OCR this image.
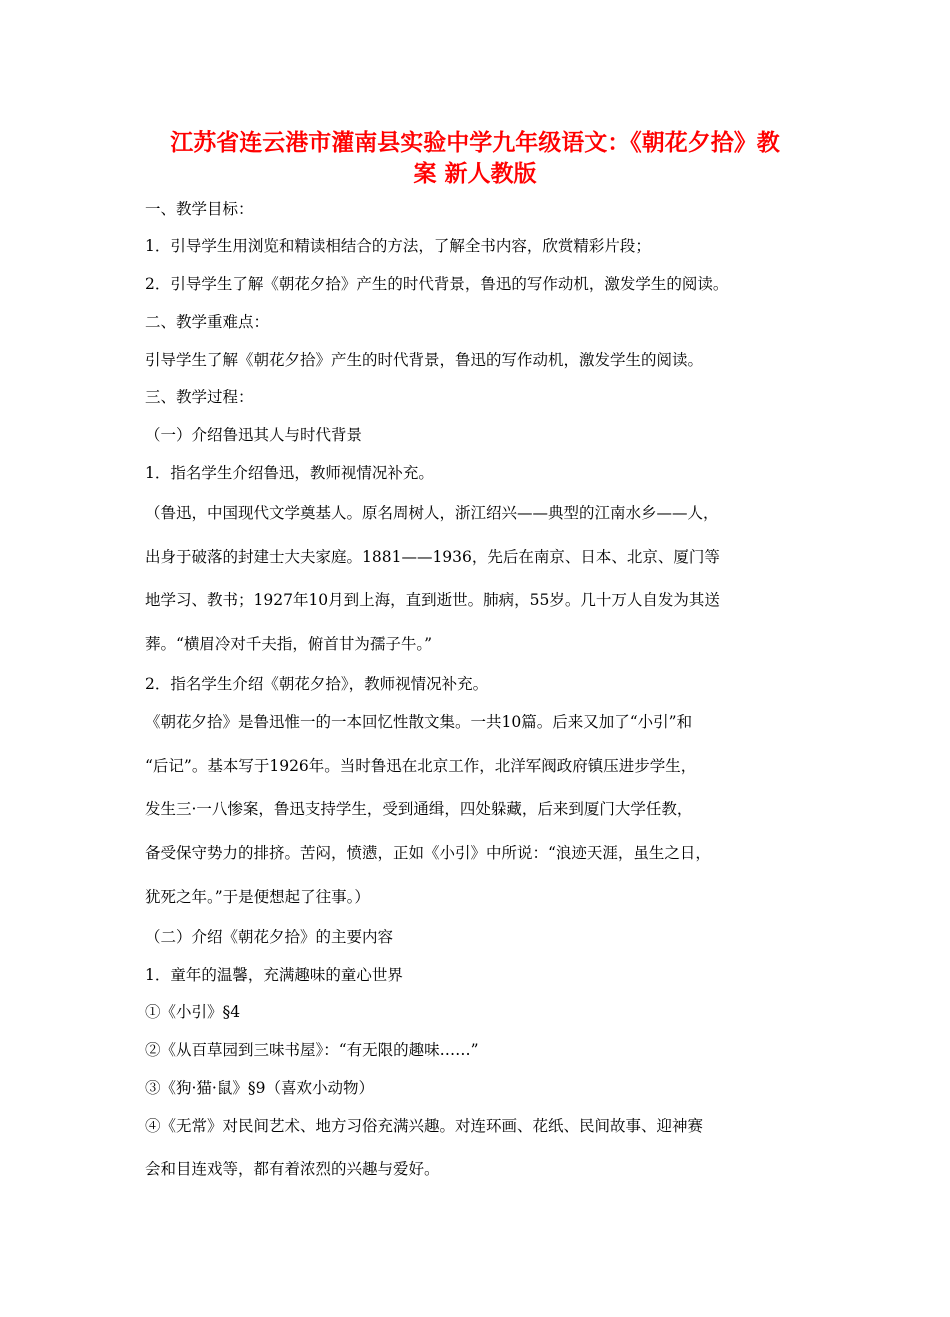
江苏省连云港市灌南县实验中学九年级语文：《朝花夕拾》教
案 新人教版

一、教学目标：

1．引导学生用浏览和精读相结合的方法，了解全书内容，欣赏精彩片段；

2．引导学生了解《朝花夕拾》产生的时代背景，鲁迅的写作动机，激发学生的阅读。

二、教学重难点：

引导学生了解《朝花夕拾》产生的时代背景，鲁迅的写作动机，激发学生的阅读。

三、教学过程：

（一）介绍鲁迅其人与时代背景

1．指名学生介绍鲁迅，教师视情况补充。

（鲁迅，中国现代文学奠基人。原名周树人，浙江绍兴——典型的江南水乡——人，

出身于破落的封建士大夫家庭。1881——1936，先后在南京、日本、北京、厦门等

地学习、教书；1927年10月到上海，直到逝世。肺病，55岁。几十万人自发为其送

葬。“横眉冷对千夫指，俯首甘为孺子牛。”

2．指名学生介绍《朝花夕拾》，教师视情况补充。

《朝花夕拾》是鲁迅惟一的一本回忆性散文集。一共10篇。后来又加了“小引”和

“后记”。基本写于1926年。当时鲁迅在北京工作，北洋军阀政府镇压进步学生，

发生三·一八惨案，鲁迅支持学生，受到通缉，四处躲藏，后来到厦门大学任教，

备受保守势力的排挤。苦闷，愤懑，正如《小引》中所说：“浪迹天涯，虽生之日，

犹死之年。”于是便想起了往事。）

（二）介绍《朝花夕拾》的主要内容

1．童年的温馨，充满趣味的童心世界

①《小引》§4

②《从百草园到三味书屋》：“有无限的趣味……”

③《狗·猫·鼠》§9（喜欢小动物）

④《无常》对民间艺术、地方习俗充满兴趣。对连环画、花纸、民间故事、迎神赛

会和目连戏等，都有着浓烈的兴趣与爱好。
